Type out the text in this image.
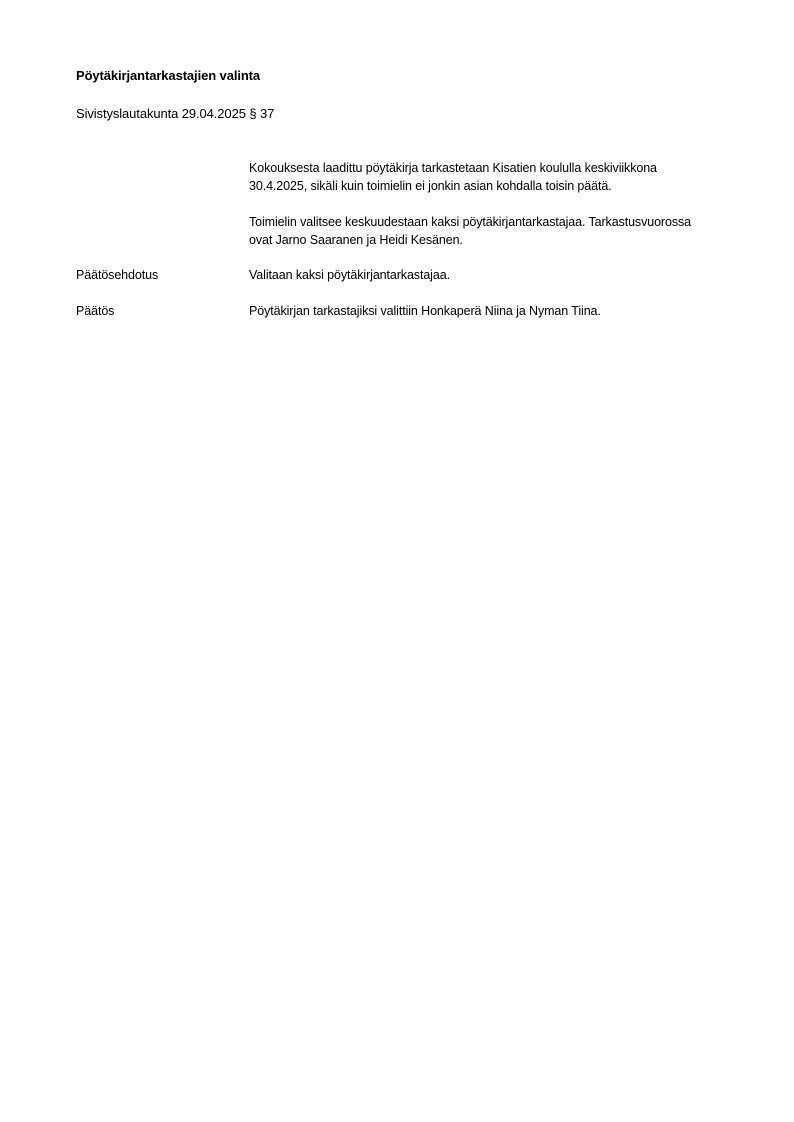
Pöytäkirjantarkastajien valinta
Sivistyslautakunta 29.04.2025 § 37
Kokouksesta laadittu pöytäkirja tarkastetaan Kisatien koululla keskiviikkona
30.4.2025, sikäli kuin toimielin ei jonkin asian kohdalla toisin päätä.
Toimielin valitsee keskuudestaan kaksi pöytäkirjantarkastajaa. Tarkastusvuorossa
ovat Jarno Saaranen ja Heidi Kesänen.
Päätösehdotus	Valitaan kaksi pöytäkirjantarkastajaa.
Päätös	Pöytäkirjan tarkastajiksi valittiin Honkaperä Niina ja Nyman Tiina.
